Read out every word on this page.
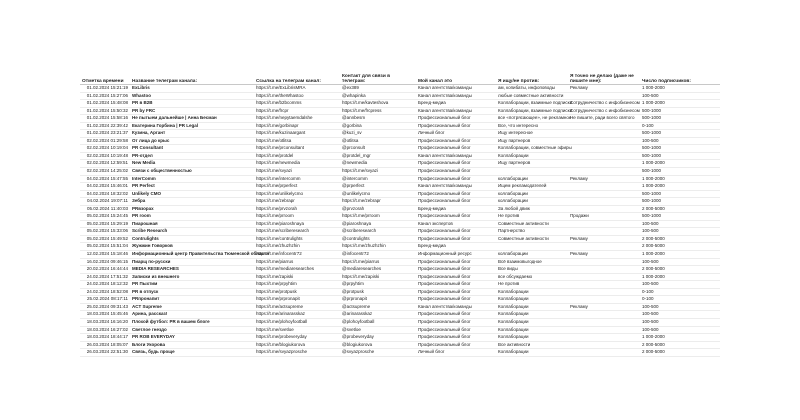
Отметка времени	Название телеграм канала:	Ссылка на телеграм канал:	Контакт для связи в телеграм:	Мой канал это	Я ищу/не против:	Я точно не делаю (даже не пишите мне):	Число подписчиков:
01.02.2024 15:21:19	ExLibris	https://t.me/ExLibrisMRA	@ex389	Канал агентства/команды	ам, копибаты, инфоповоды	Рекламу	1 000-2000
01.02.2024 15:27:06	Whastoo	https://t.me/theWhastoo	@whapinka	Канал агентства/команды	любые совместные активности		100-500
01.02.2024 15:48:08	PR в B2B	https://t.me/b2bcomms	https://t.me/kavteshova	Бренд-медиа	Коллаборации, взаимные подписки	Сотрудничество с инфобизнесом	1 000-2000
01.02.2024 15:50:32	PR by FRC	https://t.me/frcpr	https://t.me/frcpress	Канал агентства/команды	Коллаборации, взаимные подписки	Сотрудничество с инфобизнесом	500-1000
01.02.2024 15:58:16	Не пытыем дальнейше | Анна Бесман	https://t.me/nepytaemdalshe	@annbesm	Профессиональный блог	все «потрясающее», не рекламное	Не пишите, ради всего святого	500-1000
01.02.2024 22:39:42	Екатерина Горбина | PR Legal	https://t.me/gorbinapr	@gorbina	Профессиональный блог	Все, что интересно		0-100
01.02.2024 23:21:37	Кузина, Аргант	https://t.me/kuzinaargant	@kuzi_sv	Личный блог	Ищу интересное		500-1000
02.02.2024 01:29:58	От лица до крыс	https://t.me/otlitsa	@otlitsa	Профессиональный блог	Ищу партнеров		100-500
02.02.2024 10:19:04	PR Consultant	https://t.me/prconsultant	@prconsult	Профессиональный блог	Коллаборации, совместные эфиры		500-1000
02.02.2024 10:19:48	PR-отдел	https://t.me/protdel	@protdel_mgr	Канал агентства/команды	Коллаборации		500-1000
02.02.2024 12:59:51	New Media	https://t.me/newmedia	@newmedia	Профессиональный блог	Ищу партнеров		1 000-2000
02.02.2024 14:25:02	Связи с общественностью	https://t.me/svyazi	https://t.me/svyazi	Профессиональный блог			500-1000
04.02.2024 15:47:55	InterComm	https://t.me/intercomm	@intercomm	Профессиональный блог	коллаборации	Рекламу	1 000-2000
04.02.2024 15:46:01	PR Perfect	https://t.me/prperfect	@prperfect	Канал агентства/команды	Ищем рекламодателей		1 000-2000
04.02.2024 18:32:02	Unlikely CMO	https://t.me/unlikelycmo	@unlikelycmo	Профессиональный блог	коллаборации		500-1000
04.02.2024 19:07:11	Зебра	https://t.me/zebrapr	https://t.me/zebrapr	Профессиональный блог	коллаборации		500-1000
05.02.2024 11:40:03	PRвзорах	https://t.me/prvzorah	@prvzorah	Бренд-медиа	За любой движ		2 000-5000
05.02.2024 15:24:45	PR room	https://t.me/prroom	https://t.me/prroom	Профессиональный блог	Не против	Продажи	500-1000
05.02.2024 15:29:19	Пиарошная	https://t.me/piaroshnaya	@piaroshnaya	Канал экспертов	Совместные активности		100-500
05.02.2024 15:33:06	Scribe Research	https://t.me/scriberesearch	@scriberesearch	Профессиональный блог	Партнерство		100-500
05.02.2024 15:49:52	Contrulights	https://t.me/contrulights	@contrulights	Профессиональный блог	Совместные активности	Рекламу	2 000-5000
05.02.2024 15:51:04	Жужжин Говорков	https://t.me/zhuzhzhin	https://t.me/zhuzhzhin	Бренд-медиа			2 000-5000
12.02.2024 15:18:46	Информационный центр Правительства Тюменской области	https://t.me/infocentr72	@infocentr72	Информационный ресурс	коллаборации	Рекламу	1 000-2000
16.02.2024 09:46:15	Пиарщ по-русски	https://t.me/piarrus	https://t.me/piarrus	Профессиональный блог	Всё взаимовыгодное		100-500
20.02.2024 16:44:44	MEDIA RESEARCHES	https://t.me/mediaresearches	@mediaresearches	Профессиональный блог	Все виды		2 000-5000
24.02.2024 17:51:32	Записки из внешнего	https://t.me/zapiski	https://t.me/zapiski	Профессиональный блог	все обсуждаемо		1 000-2000
24.02.2024 18:12:32	PR Пыхтим	https://t.me/prpyhtim	@prpyhtim	Профессиональный блог	Не против		100-500
24.02.2024 18:52:08	PR в отпуск	https://t.me/protpusk	@protpusk	Профессиональный блог	Коллаборации		0-100
25.02.2024 08:17:11	PRпронапит	https://t.me/prpronapit	@prpronapit	Профессиональный блог	Коллаборации		0-100
25.02.2024 09:31:43	ACT Supreme	https://t.me/actsupreme	@actsupreme	Канал агентства/команды	Коллаборации	Рекламу	100-500
18.03.2024 15:45:46	Арина, рассказ!	https://t.me/arinarasskaz	@arinarasskaz	Профессиональный блог	Коллаборации		100-500
18.03.2024 16:16:20	Плохой футбол: PR в вашем блоге	https://t.me/plohoyfootball	@plohoyfootball	Профессиональный блог	Коллаборации		100-500
18.03.2024 16:27:02	Светлое гнездо	https://t.me/svetloe	@svetloe	Профессиональный блог	Коллаборации		100-500
18.03.2024 18:44:17	PR ROB EVERYDAY	https://t.me/probeveryday	@probeveryday	Профессиональный блог	Коллаборации		1 000-2000
26.03.2024 18:05:07	Блоги Укорова	https://t.me/blogiukorova	@blogiukorova	Профессиональный блог	Все активности		2 000-5000
26.03.2024 22:51:30	Связь, будь проще	https://t.me/svyazprosche	@svyazprosche	Личный блог	Коллаборации		2 000-5000
